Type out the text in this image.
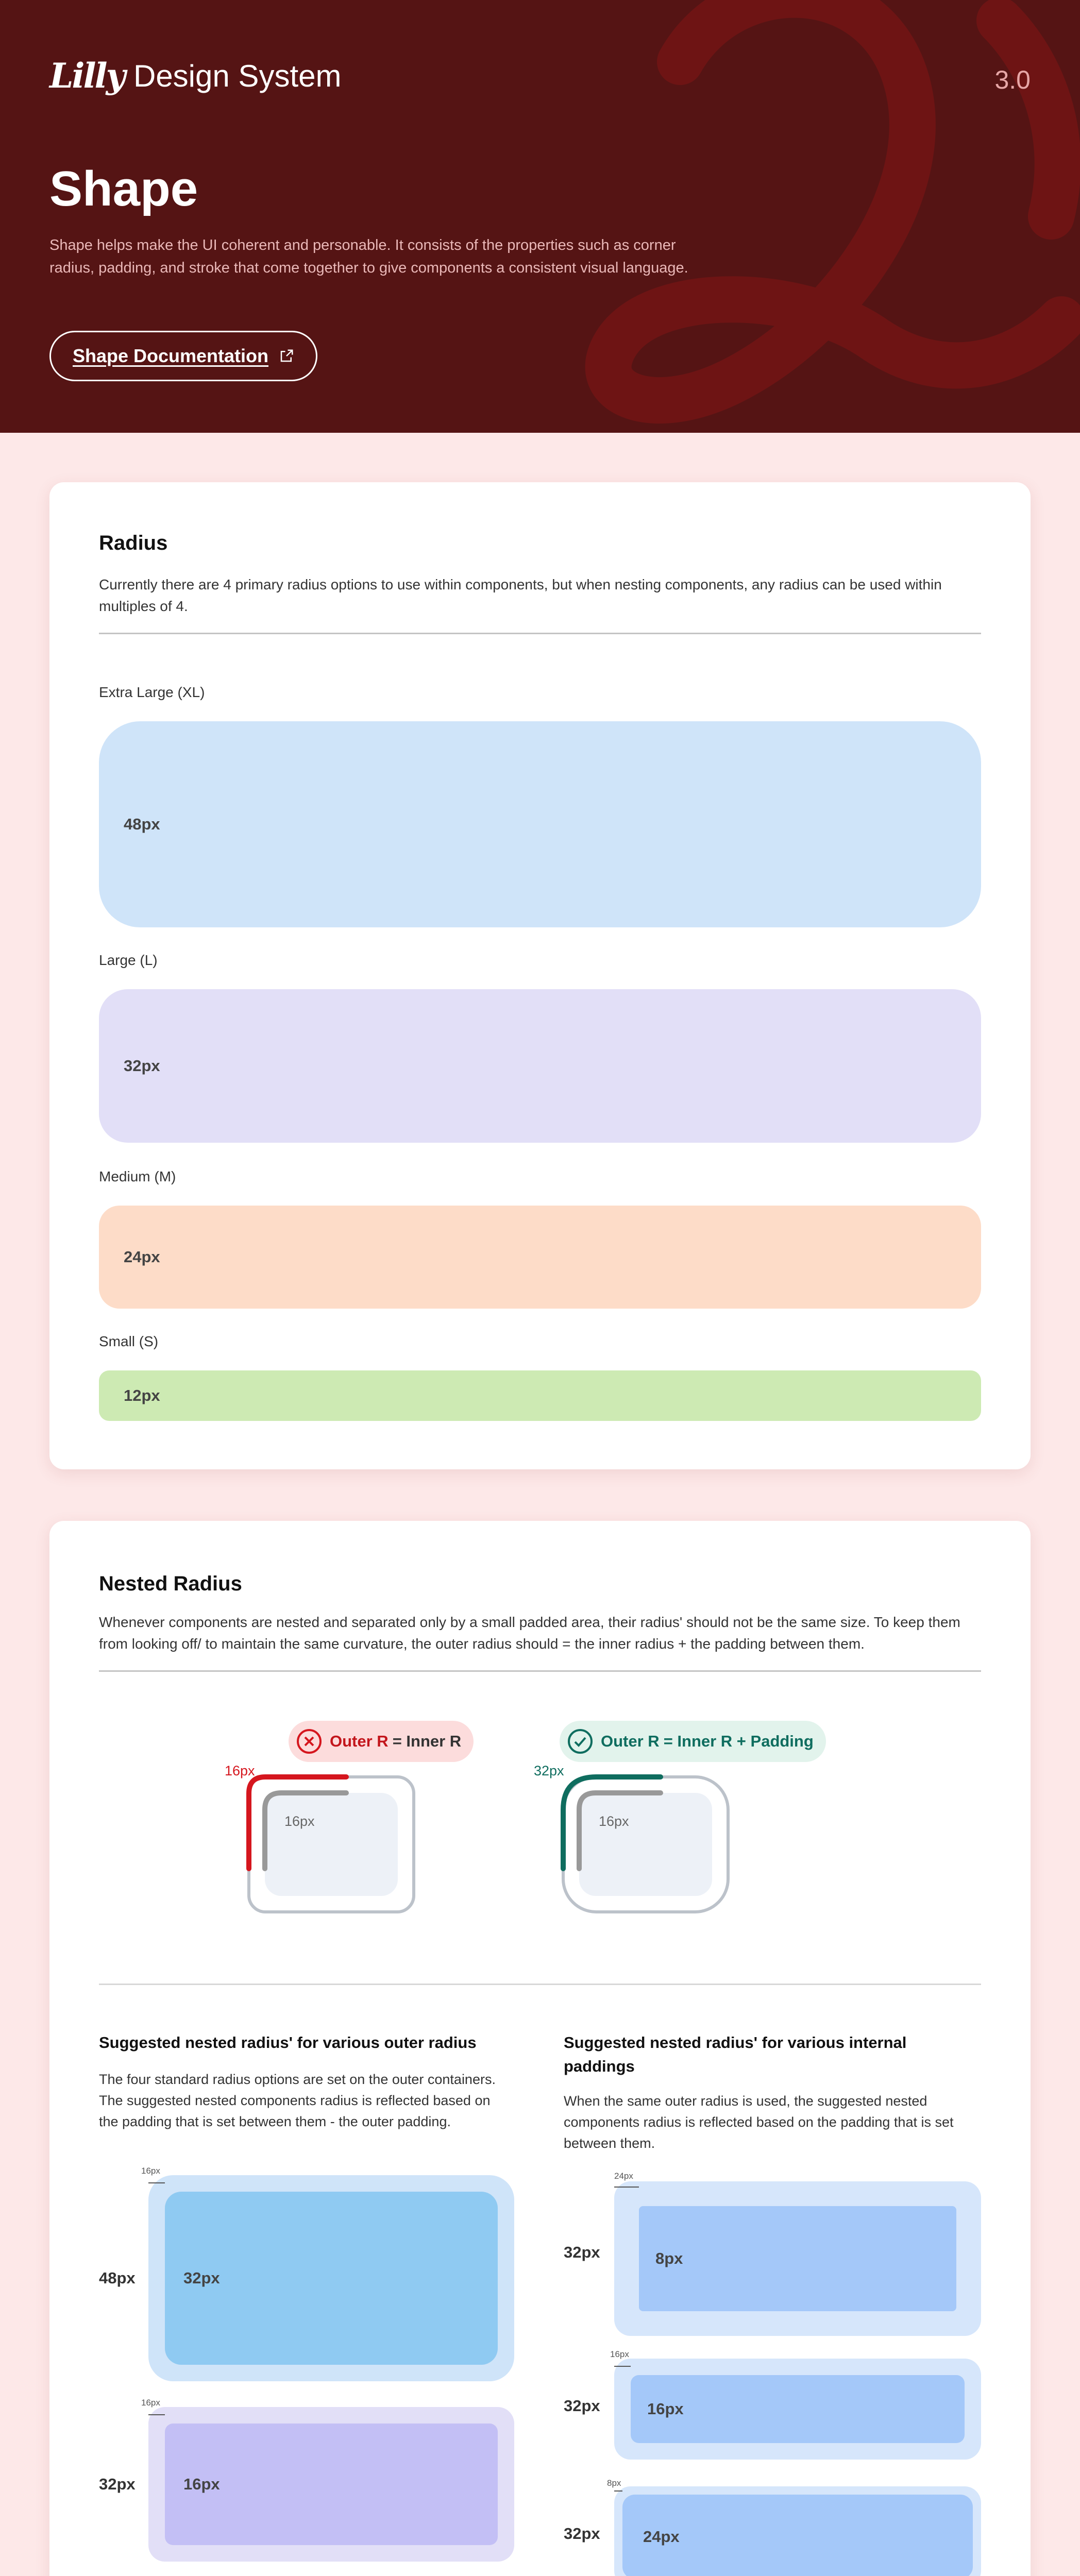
Lilly Design System	3.0
Shape
Shape helps make the UI coherent and personable. It consists of the properties such as corner radius, padding, and stroke that come together to give components a consistent visual language.
Shape Documentation
Radius
Currently there are 4 primary radius options to use within components, but when nesting components, any radius can be used within multiples of 4.
Extra Large (XL)
48px
Large (L)
32px
Medium (M)
24px
Small (S)
12px
Nested Radius
Whenever components are nested and separated only by a small padded area, their radius' should not be the same size. To keep them from looking off/ to maintain the same curvature, the outer radius should = the inner radius + the padding between them.
Outer R = Inner R
16px
16px
Outer R = Inner R + Padding
32px
16px
Suggested nested radius' for various outer radius
The four standard radius options are set on the outer containers. The suggested nested components radius is reflected based on the padding that is set between them - the outer padding.
48px	32px
16px
32px	16px
16px
Suggested nested radius' for various internal paddings
When the same outer radius is used, the suggested nested components radius is reflected based on the padding that is set between them.
32px	8px
24px
32px	16px
16px
32px	24px
8px
